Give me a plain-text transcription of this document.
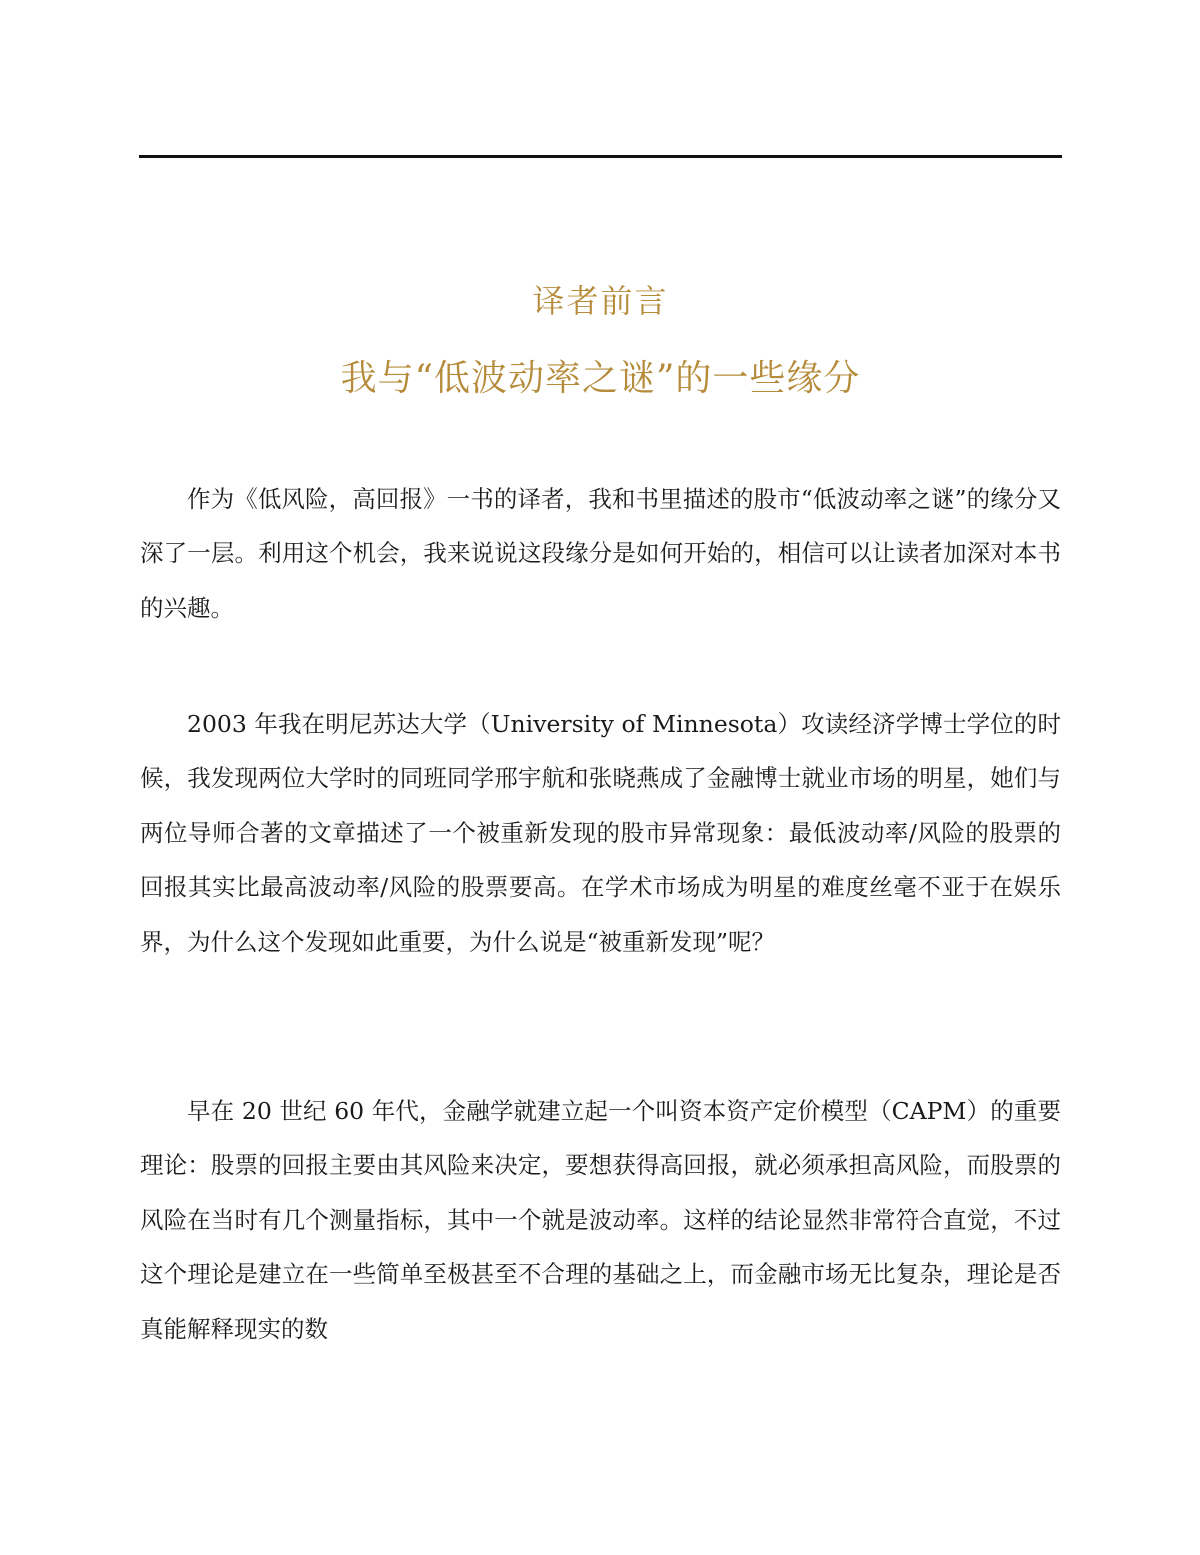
译者前言
我与“低波动率之谜”的一些缘分

作为《低风险，高回报》一书的译者，我和书里描述的股市“低波动率之谜”的缘分又深了一层。利用这个机会，我来说说这段缘分是如何开始的，相信可以让读者加深对本书的兴趣。

2003 年我在明尼苏达大学（University of Minnesota）攻读经济学博士学位的时候，我发现两位大学时的同班同学邢宇航和张晓燕成了金融博士就业市场的明星，她们与两位导师合著的文章描述了一个被重新发现的股市异常现象：最低波动率/风险的股票的回报其实比最高波动率/风险的股票要高。在学术市场成为明星的难度丝毫不亚于在娱乐界，为什么这个发现如此重要，为什么说是“被重新发现”呢？

早在 20 世纪 60 年代，金融学就建立起一个叫资本资产定价模型（CAPM）的重要理论：股票的回报主要由其风险来决定，要想获得高回报，就必须承担高风险，而股票的风险在当时有几个测量指标，其中一个就是波动率。这样的结论显然非常符合直觉，不过这个理论是建立在一些简单至极甚至不合理的基础之上，而金融市场无比复杂，理论是否真能解释现实的数
